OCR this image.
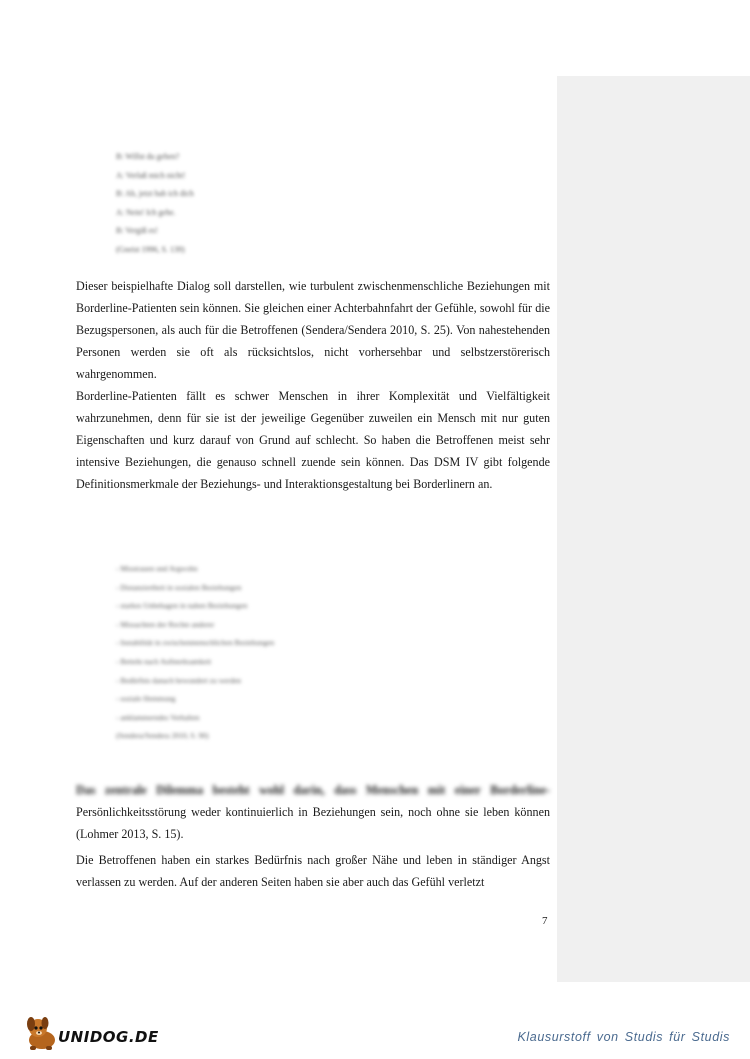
B: Willst du gehen?
A: Verlaß mich nicht!
B: Ah, jetzt hab ich dich
A: Nein! Ich gehe.
B: Vergiß es!
(Gneist 1996, S. 139)

Dieser beispielhafte Dialog soll darstellen, wie turbulent zwischenmenschliche Beziehungen mit Borderline-Patienten sein können. Sie gleichen einer Achterbahnfahrt der Gefühle, sowohl für die Bezugspersonen, als auch für die Betroffenen (Sendera/Sendera 2010, S. 25). Von nahestehenden Personen werden sie oft als rücksichtslos, nicht vorhersehbar und selbstzerstörerisch wahrgenommen.

Borderline-Patienten fällt es schwer Menschen in ihrer Komplexität und Vielfältigkeit wahrzunehmen, denn für sie ist der jeweilige Gegenüber zuweilen ein Mensch mit nur guten Eigenschaften und kurz darauf von Grund auf schlecht. So haben die Betroffenen meist sehr intensive Beziehungen, die genauso schnell zuende sein können. Das DSM IV gibt folgende Definitionsmerkmale der Beziehungs- und Interaktionsgestaltung bei Borderlinern an.

- Misstrauen und Argwohn
- Distanziertheit in sozialen Beziehungen
- starkes Unbehagen in nahen Beziehungen
- Missachten der Rechte anderer
- Instabilität in zwischenmenschlichen Beziehungen
- Betteln nach Aufmerksamkeit
- Bedürfnis danach bewundert zu werden
- soziale Hemmung
- anklammerndes Verhalten
(Sendera/Sendera 2010, S. 90)
Das zentrale Dilemma besteht wohl darin, dass Menschen mit einer Borderline-
Persönlichkeitsstörung weder kontinuierlich in Beziehungen sein, noch ohne sie leben können (Lohmer 2013, S. 15).

Die Betroffenen haben ein starkes Bedürfnis nach großer Nähe und leben in ständiger Angst verlassen zu werden. Auf der anderen Seiten haben sie aber auch das Gefühl verletzt

7
UNIDOG.DE	Klausurstoff von Studis für Studis
